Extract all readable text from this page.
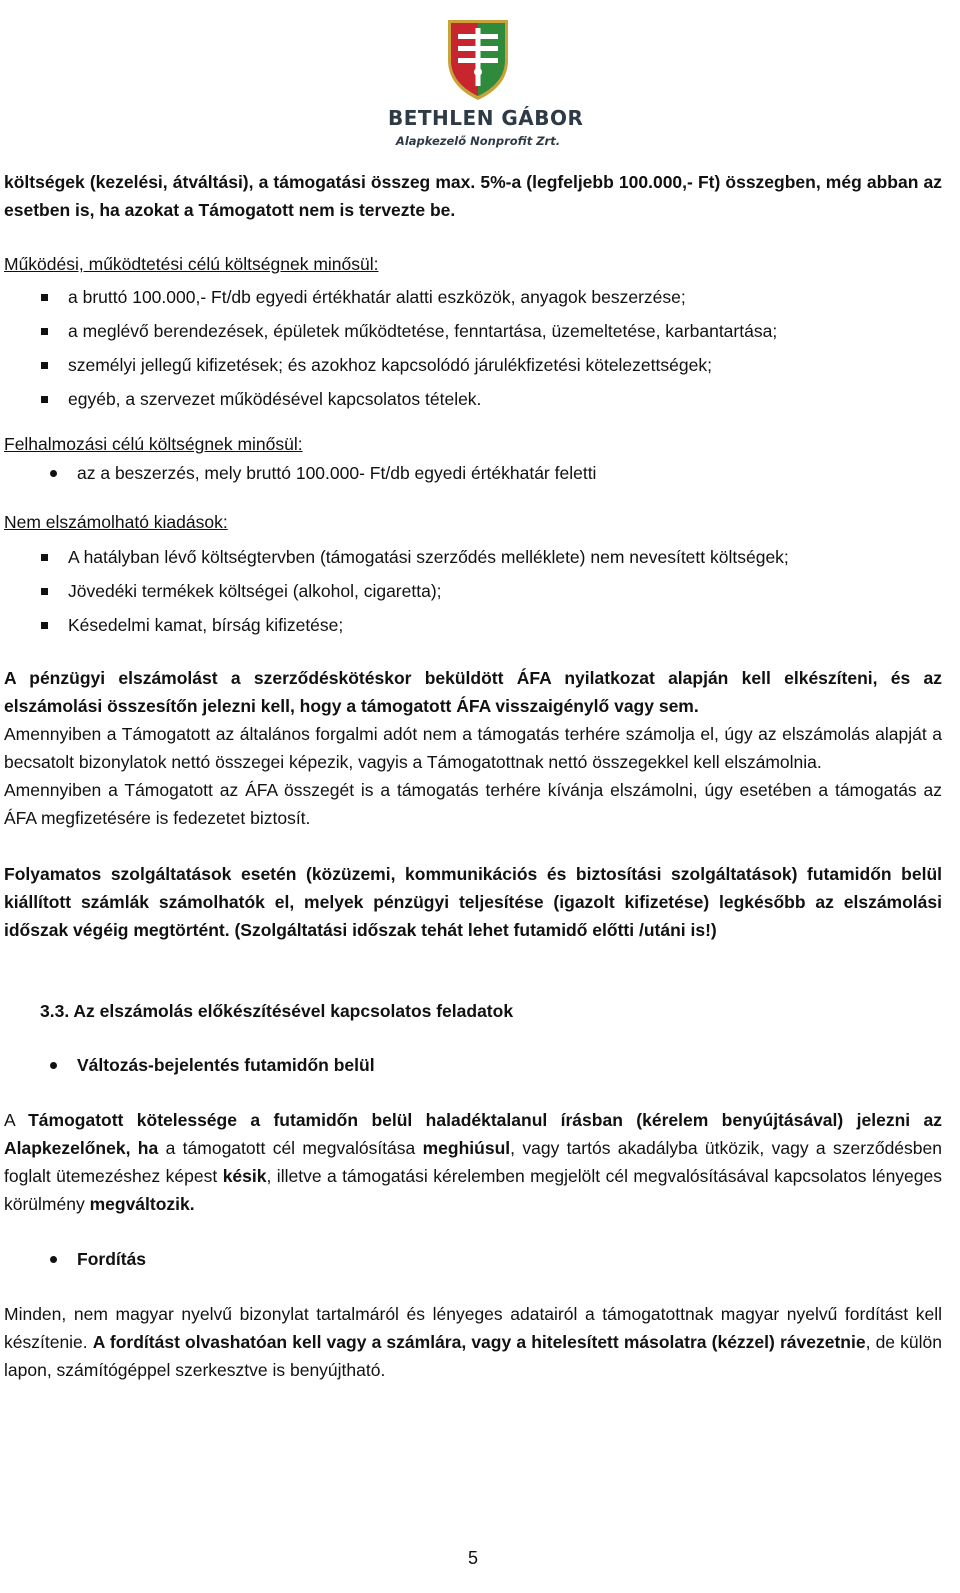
BETHLEN GÁBOR
Alapkezelő Nonprofit Zrt.

költségek (kezelési, átváltási), a támogatási összeg max. 5%-a (legfeljebb 100.000,- Ft) összegben, még abban az esetben is, ha azokat a Támogatott nem is tervezte be.

Működési, működtetési célú költségnek minősül:

a bruttó 100.000,- Ft/db egyedi értékhatár alatti eszközök, anyagok beszerzése;
a meglévő berendezések, épületek működtetése, fenntartása, üzemeltetése, karbantartása;
személyi jellegű kifizetések; és azokhoz kapcsolódó járulékfizetési kötelezettségek;
egyéb, a szervezet működésével kapcsolatos tételek.

Felhalmozási célú költségnek minősül:

az a beszerzés, mely bruttó 100.000- Ft/db egyedi értékhatár feletti

Nem elszámolható kiadások:

A hatályban lévő költségtervben (támogatási szerződés melléklete) nem nevesített költségek;
Jövedéki termékek költségei (alkohol, cigaretta);
Késedelmi kamat, bírság kifizetése;

A pénzügyi elszámolást a szerződéskötéskor beküldött ÁFA nyilatkozat alapján kell elkészíteni, és az elszámolási összesítőn jelezni kell, hogy a támogatott ÁFA visszaigénylő vagy sem.

Amennyiben a Támogatott az általános forgalmi adót nem a támogatás terhére számolja el, úgy az elszámolás alapját a becsatolt bizonylatok nettó összegei képezik, vagyis a Támogatottnak nettó összegekkel kell elszámolnia.

Amennyiben a Támogatott az ÁFA összegét is a támogatás terhére kívánja elszámolni, úgy esetében a támogatás az ÁFA megfizetésére is fedezetet biztosít.

Folyamatos szolgáltatások esetén (közüzemi, kommunikációs és biztosítási szolgáltatások) futamidőn belül kiállított számlák számolhatók el, melyek pénzügyi teljesítése (igazolt kifizetése) legkésőbb az elszámolási időszak végéig megtörtént. (Szolgáltatási időszak tehát lehet futamidő előtti /utáni is!)

3.3. Az elszámolás előkészítésével kapcsolatos feladatok

Változás-bejelentés futamidőn belül

A Támogatott kötelessége a futamidőn belül haladéktalanul írásban (kérelem benyújtásával) jelezni az Alapkezelőnek, ha a támogatott cél megvalósítása meghiúsul, vagy tartós akadályba ütközik, vagy a szerződésben foglalt ütemezéshez képest késik, illetve a támogatási kérelemben megjelölt cél megvalósításával kapcsolatos lényeges körülmény megváltozik.

Fordítás

Minden, nem magyar nyelvű bizonylat tartalmáról és lényeges adatairól a támogatottnak magyar nyelvű fordítást kell készítenie. A fordítást olvashatóan kell vagy a számlára, vagy a hitelesített másolatra (kézzel) rávezetnie, de külön lapon, számítógéppel szerkesztve is benyújtható.

5
